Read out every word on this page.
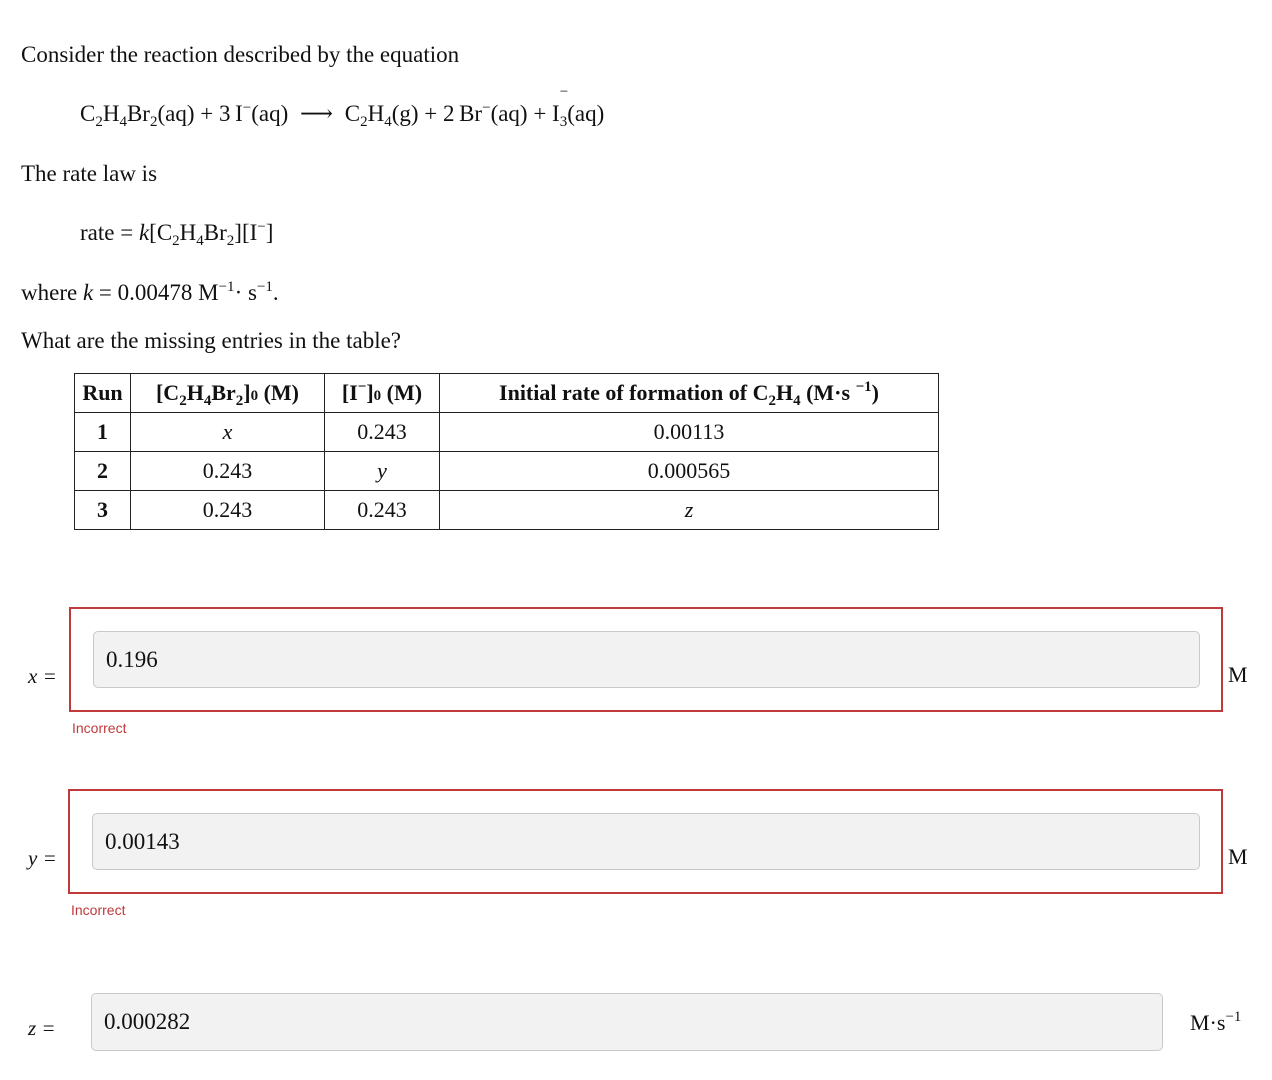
Consider the reaction described by the equation
$C_2H_4Br_2(aq) + 3$ I−(aq) ⟶ $C_2H_4(g) + 2$ Br−(aq) + I
$_{- 3}$(aq)
The rate law is
rate = $k[C_2H_4Br_2][I^-]$
where k = 0.00478 $M^{-1}\cdot s^{-1}$.
What are the missing entries in the table?
Run	$[C_2H_4Br_2]0$ (M)	[I−]0 (M)	Initial rate of formation of $C_2H_4$ (M·s $^{-1}$)
1	x	0.243	0.00113
2	0.243	y	0.000565
3	0.243	0.243	z
x =
0.196	M
Incorrect
y =
0.00143	M
Incorrect
z =
0.000282	$M\cdot s^{-1}$
